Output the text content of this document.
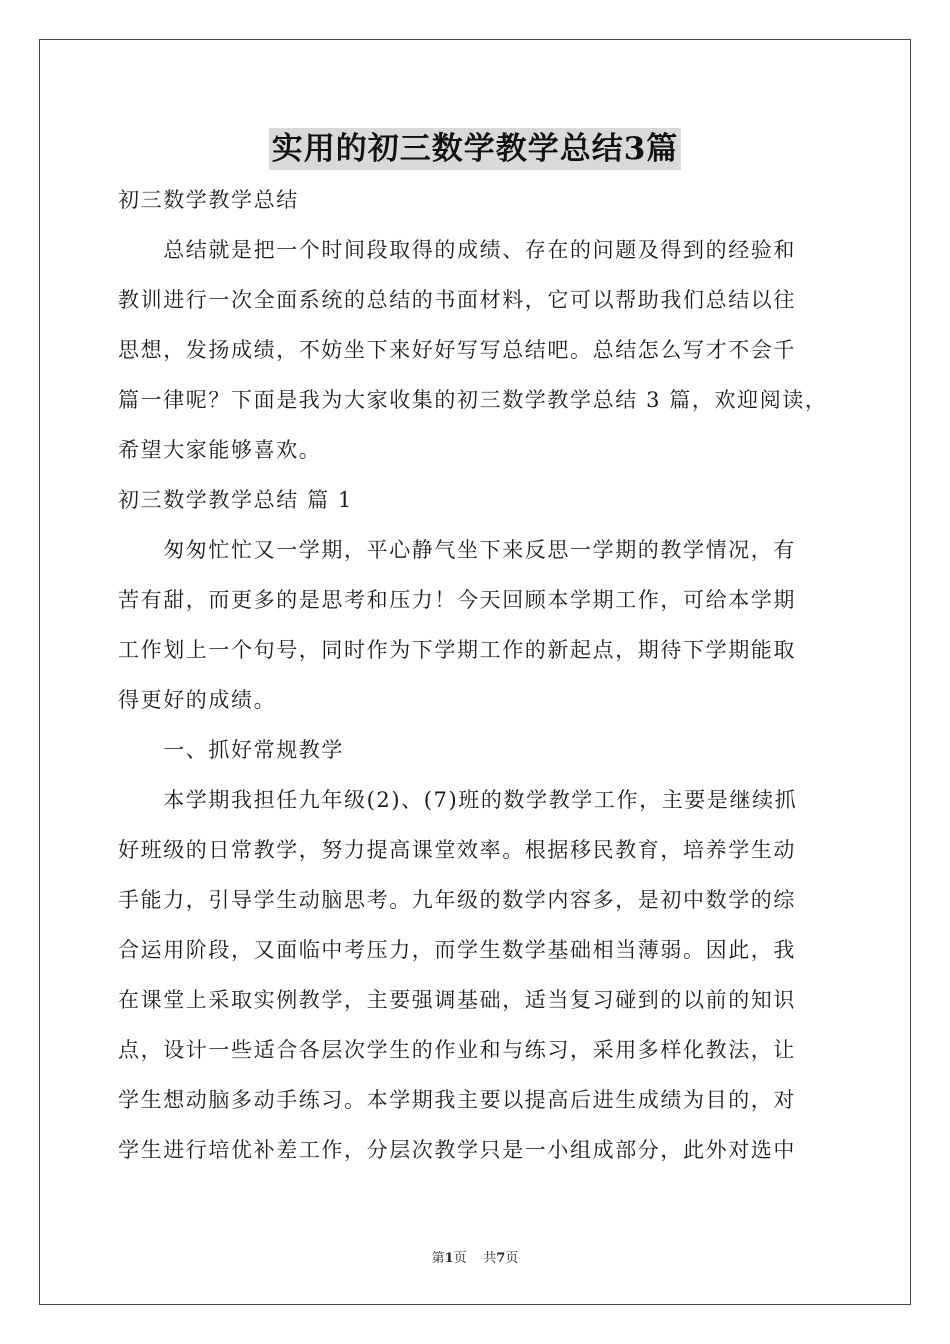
实用的初三数学教学总结3篇
初三数学教学总结
　　总结就是把一个时间段取得的成绩、存在的问题及得到的经验和
教训进行一次全面系统的总结的书面材料，它可以帮助我们总结以往
思想，发扬成绩，不妨坐下来好好写写总结吧。总结怎么写才不会千
篇一律呢？下面是我为大家收集的初三数学教学总结 3 篇，欢迎阅读，
希望大家能够喜欢。
初三数学教学总结 篇 1
　　匆匆忙忙又一学期，平心静气坐下来反思一学期的教学情况，有
苦有甜，而更多的是思考和压力！今天回顾本学期工作，可给本学期
工作划上一个句号，同时作为下学期工作的新起点，期待下学期能取
得更好的成绩。
　　一、抓好常规教学
　　本学期我担任九年级(2)、(7)班的数学教学工作，主要是继续抓
好班级的日常教学，努力提高课堂效率。根据移民教育，培养学生动
手能力，引导学生动脑思考。九年级的数学内容多，是初中数学的综
合运用阶段，又面临中考压力，而学生数学基础相当薄弱。因此，我
在课堂上采取实例教学，主要强调基础，适当复习碰到的以前的知识
点，设计一些适合各层次学生的作业和与练习，采用多样化教法，让
学生想动脑多动手练习。本学期我主要以提高后进生成绩为目的，对
学生进行培优补差工作，分层次教学只是一小组成部分，此外对选中
第1页 共7页
